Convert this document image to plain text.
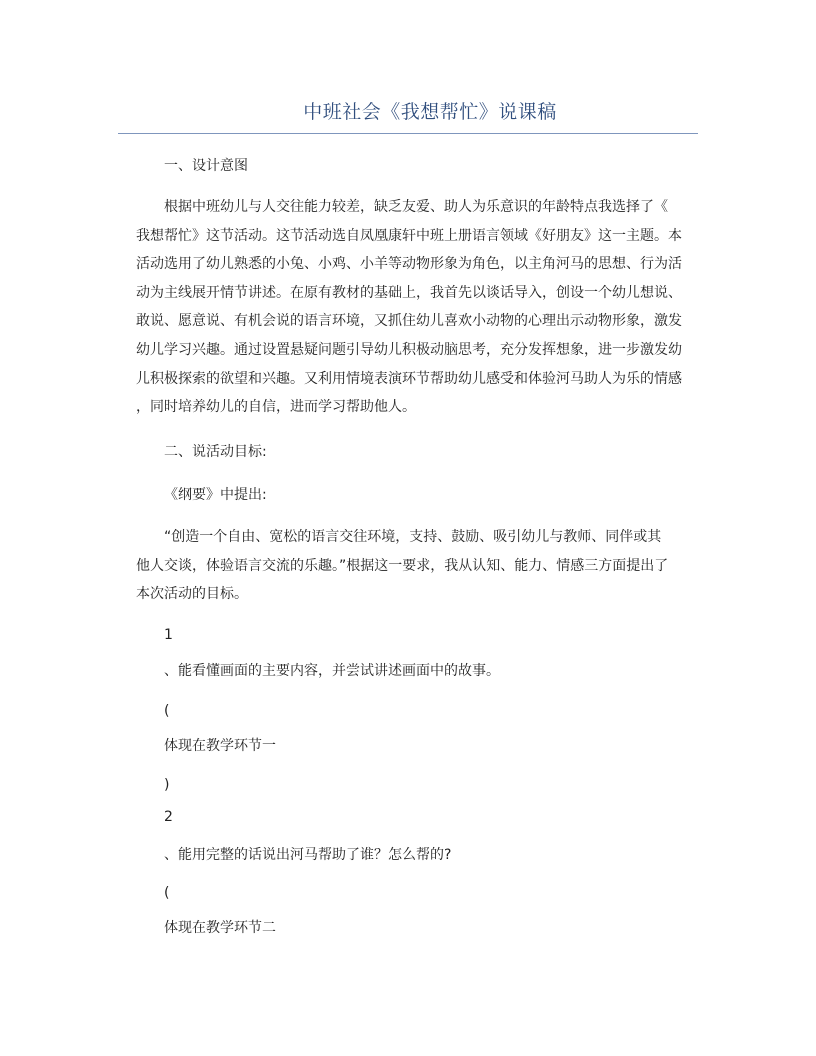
中班社会《我想帮忙》说课稿
一、设计意图
根据中班幼儿与人交往能力较差，缺乏友爱、助人为乐意识的年龄特点我选择了《
我想帮忙》这节活动。这节活动选自凤凰康轩中班上册语言领域《好朋友》这一主题。本
活动选用了幼儿熟悉的小兔、小鸡、小羊等动物形象为角色，以主角河马的思想、行为活
动为主线展开情节讲述。在原有教材的基础上，我首先以谈话导入，创设一个幼儿想说、
敢说、愿意说、有机会说的语言环境，又抓住幼儿喜欢小动物的心理出示动物形象，激发
幼儿学习兴趣。通过设置悬疑问题引导幼儿积极动脑思考，充分发挥想象，进一步激发幼
儿积极探索的欲望和兴趣。又利用情境表演环节帮助幼儿感受和体验河马助人为乐的情感
，同时培养幼儿的自信，进而学习帮助他人。
二、说活动目标:
《纲要》中提出:
“创造一个自由、宽松的语言交往环境，支持、鼓励、吸引幼儿与教师、同伴或其
他人交谈，体验语言交流的乐趣。”根据这一要求，我从认知、能力、情感三方面提出了
本次活动的目标。
1
、能看懂画面的主要内容，并尝试讲述画面中的故事。
(
体现在教学环节一
)
2
、能用完整的话说出河马帮助了谁？怎么帮的?
(
体现在教学环节二
